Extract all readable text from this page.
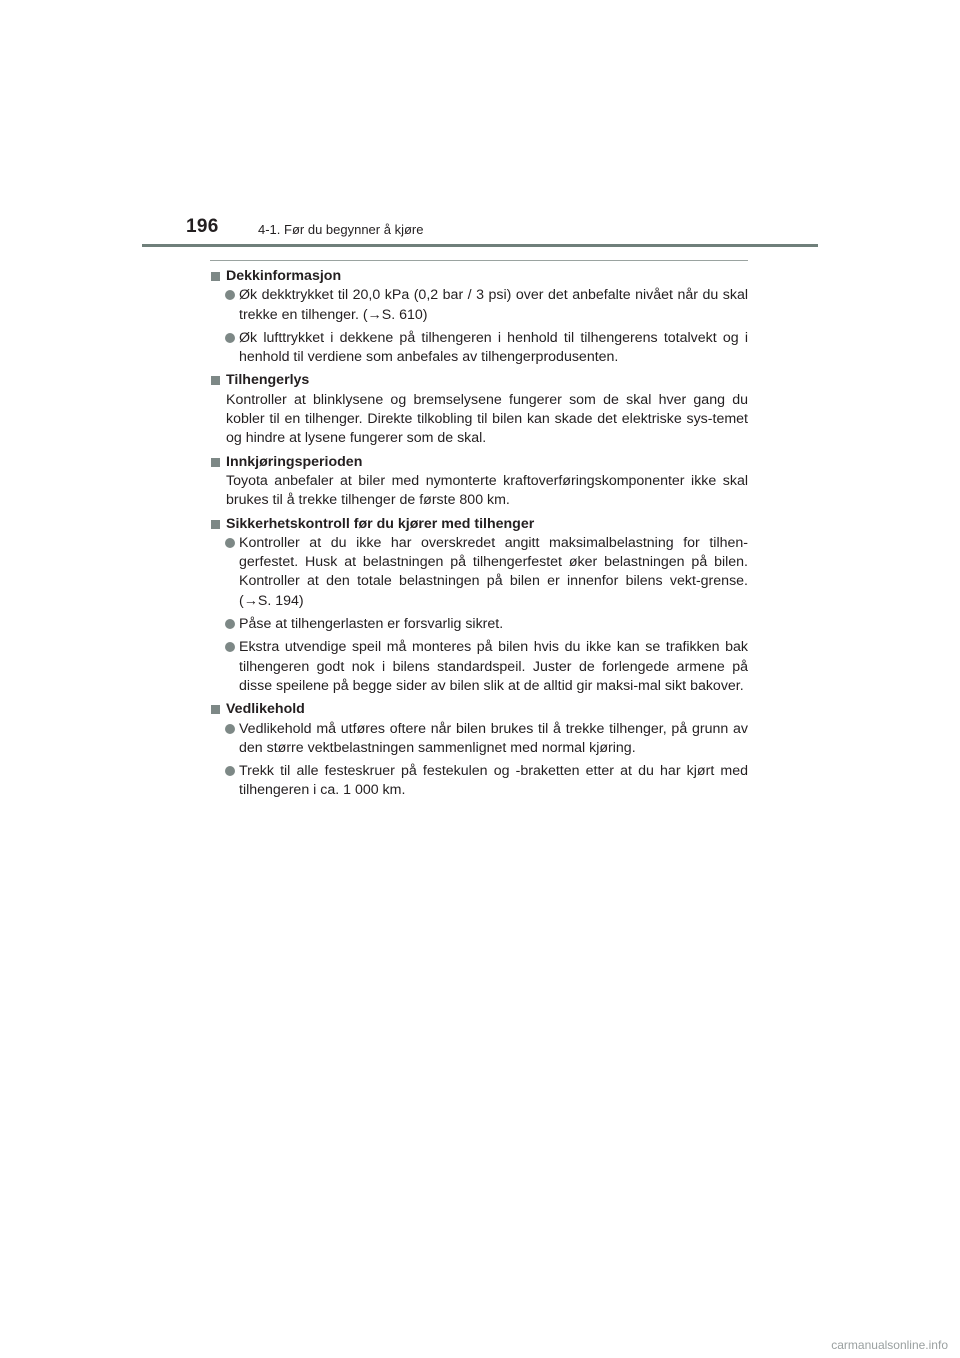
196	4-1. Før du begynner å kjøre
Dekkinformasjon
Øk dekktrykket til 20,0 kPa (0,2 bar / 3 psi) over det anbefalte nivået når du skal trekke en tilhenger. (→S. 610)
Øk lufttrykket i dekkene på tilhengeren i henhold til tilhengerens totalvekt og i henhold til verdiene som anbefales av tilhengerprodusenten.
Tilhengerlys
Kontroller at blinklysene og bremselysene fungerer som de skal hver gang du kobler til en tilhenger. Direkte tilkobling til bilen kan skade det elektriske sys-temet og hindre at lysene fungerer som de skal.
Innkjøringsperioden
Toyota anbefaler at biler med nymonterte kraftoverføringskomponenter ikke skal brukes til å trekke tilhenger de første 800 km.
Sikkerhetskontroll før du kjører med tilhenger
Kontroller at du ikke har overskredet angitt maksimalbelastning for tilhen-gerfestet. Husk at belastningen på tilhengerfestet øker belastningen på bilen. Kontroller at den totale belastningen på bilen er innenfor bilens vekt-grense. (→S. 194)
Påse at tilhengerlasten er forsvarlig sikret.
Ekstra utvendige speil må monteres på bilen hvis du ikke kan se trafikken bak tilhengeren godt nok i bilens standardspeil. Juster de forlengede armene på disse speilene på begge sider av bilen slik at de alltid gir maksi-mal sikt bakover.
Vedlikehold
Vedlikehold må utføres oftere når bilen brukes til å trekke tilhenger, på grunn av den større vektbelastningen sammenlignet med normal kjøring.
Trekk til alle festeskruer på festekulen og -braketten etter at du har kjørt med tilhengeren i ca. 1 000 km.
carmanualsonline.info
